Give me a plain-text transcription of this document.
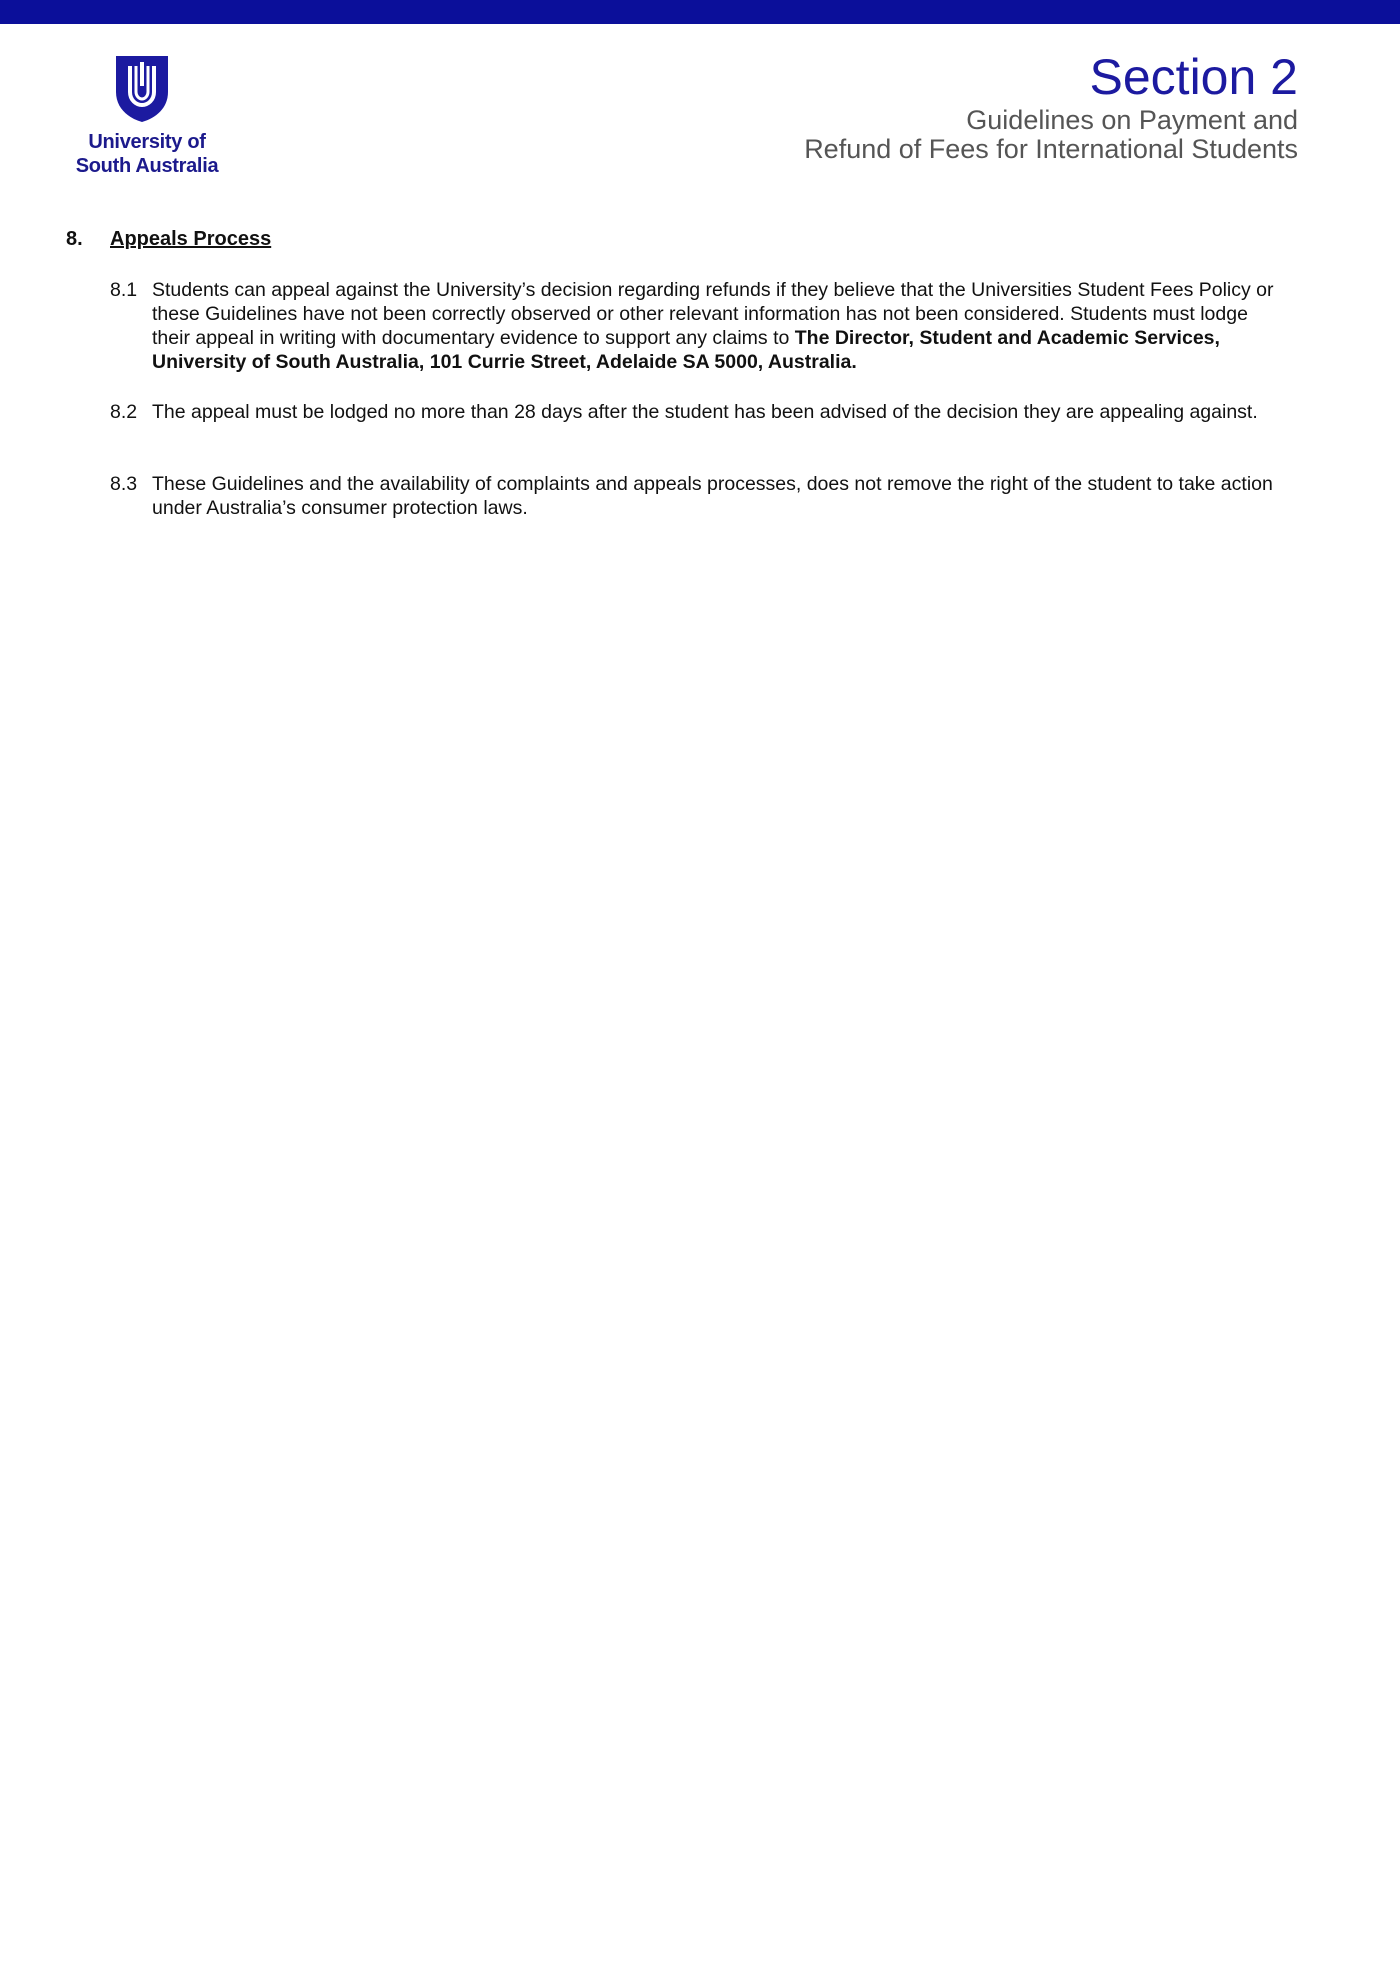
University of
South Australia
Section 2
Guidelines on Payment and
Refund of Fees for International Students
8. Appeals Process
8.1 Students can appeal against the University’s decision regarding refunds if they believe that the Universities Student Fees Policy or these Guidelines have not been correctly observed or other relevant information has not been considered. Students must lodge their appeal in writing with documentary evidence to support any claims to The Director, Student and Academic Services, University of South Australia, 101 Currie Street, Adelaide SA 5000, Australia.
8.2 The appeal must be lodged no more than 28 days after the student has been advised of the decision they are appealing against.
8.3 These Guidelines and the availability of complaints and appeals processes, does not remove the right of the student to take action under Australia’s consumer protection laws.
